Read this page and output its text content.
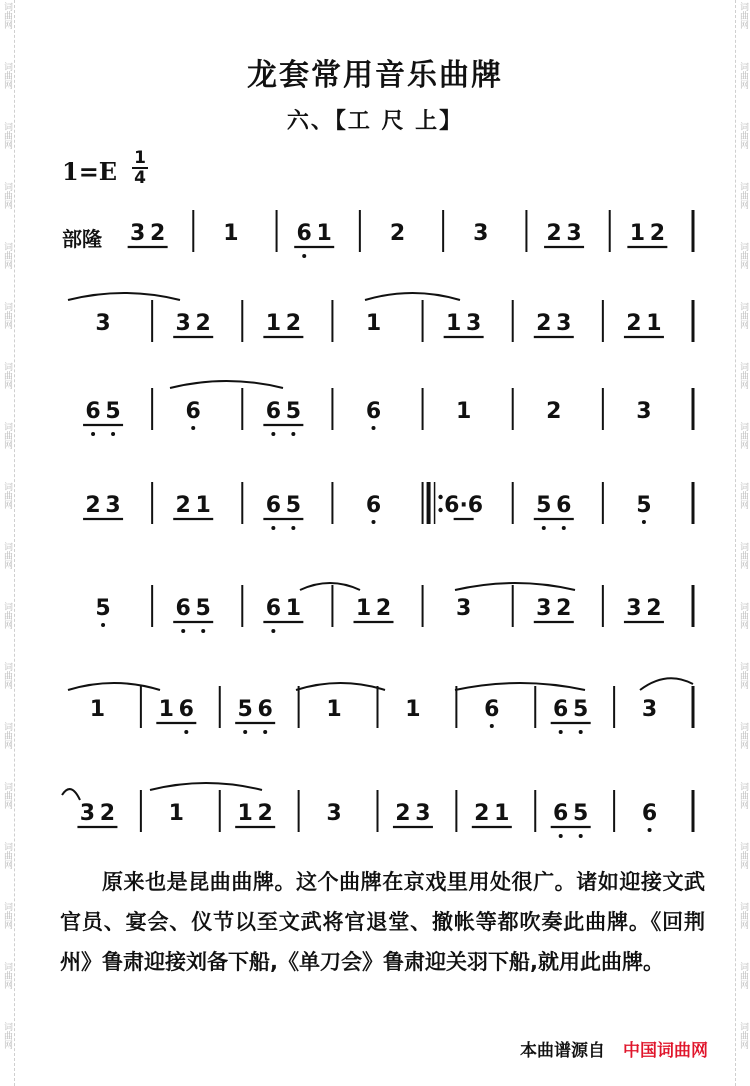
词曲网
词曲网
词曲网
词曲网
词曲网
词曲网
词曲网
词曲网
词曲网
词曲网
词曲网
词曲网
词曲网
词曲网
词曲网
词曲网
词曲网
词曲网
词曲网
词曲网
词曲网
词曲网
词曲网
词曲网
词曲网
词曲网
词曲网
词曲网
词曲网
词曲网
词曲网
词曲网
词曲网
词曲网
词曲网
词曲网
龙套常用音乐曲牌
六、【工 尺 上】
1=E 1
4
部隆 3 2	1	6 1	2	3	2 3 1 2
3	3 2 1 2	1	1 3 2 3 2 1
6 5	6	6 5	6	1	2	3
2 3 2 1 6 5	6	6·6 5 6	5
5	6 5 6 1 1 2	3	3 2 3 2
1 1 6 5 6 1	1	6 6 5 3
3 2 1 1 2 3 2 3 2 1 6 5 6
原来也是昆曲曲牌。这个曲牌在京戏里用处很广。诸如迎接文武官员、宴会、仪节以至文武将官退堂、撤帐等都吹奏此曲牌。《回荆州》鲁肃迎接刘备下船,《单刀会》鲁肃迎关羽下船,就用此曲牌。
本曲谱源自 中国词曲网
